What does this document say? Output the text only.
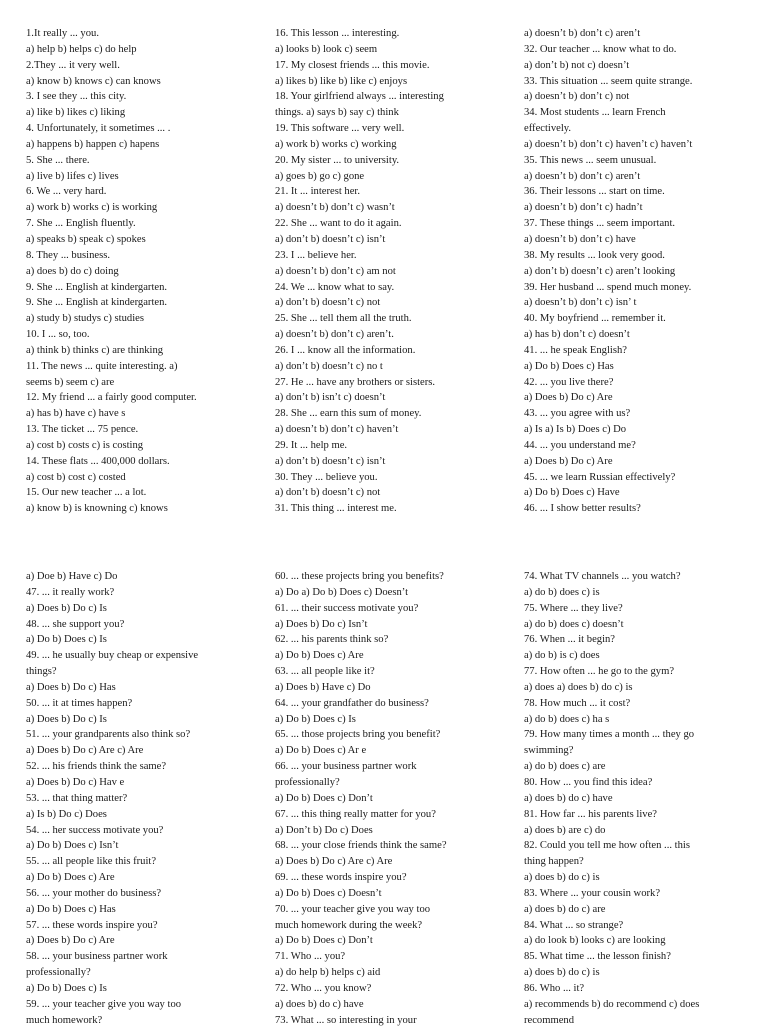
1.It really ... you.
a) help b) helps c) do help
2.They ... it very well.
a) know b) knows c) can knows
3. I see they ... this city.
a) like b) likes c) liking
4. Unfortunately, it sometimes ... .
a) happens b) happen c) hapens
5. She ... there.
a) live b) lifes c) lives
6. We ... very hard.
a) work b) works c) is working
7. She ... English fluently.
a) speaks b) speak c) spokes
8. They ... business.
a) does b) do c) doing
9. She ... English at kindergarten.
9. She ... English at kindergarten.
a) study b) studys c) studies
10. I ... so, too.
a) think b) thinks c) are thinking
11. The news ... quite interesting. a)
seems b) seem c) are
12. My friend ... a fairly good computer.
a) has b) have c) have s
13. The ticket ... 75 pence.
a) cost b) costs c) is costing
14. These flats ... 400,000 dollars.
a) cost b) cost c) costed
15. Our new teacher ... a lot.
a) know b) is knowning c) knows
16. This lesson ... interesting.
a) looks b) look c) seem
17. My closest friends ... this movie.
a) likes b) like b) like c) enjoys
18. Your girlfriend always ... interesting
things. a) says b) say c) think
19. This software ... very well.
a) work b) works c) working
20. My sister ... to university.
a) goes b) go c) gone
21. It ... interest her.
a) doesn’t b) don’t c) wasn’t
22. She ... want to do it again.
a) don’t b) doesn’t c) isn’t
23. I ... believe her.
a) doesn’t b) don’t c) am not
24. We ... know what to say.
a) don’t b) doesn’t c) not
25. She ... tell them all the truth.
a) doesn’t b) don’t c) aren’t.
26. I ... know all the information.
a) don’t b) doesn’t c) no t
27. He ... have any brothers or sisters.
a) don’t b) isn’t c) doesn’t
28. She ... earn this sum of money.
a) doesn’t b) don’t c) haven’t
29. It ... help me.
a) don’t b) doesn’t c) isn’t
30. They ... believe you.
a) don’t b) doesn’t c) not
31. This thing ... interest me.
a) doesn’t b) don’t c) aren’t
32. Our teacher ... know what to do.
a) don’t b) not c) doesn’t
33. This situation ... seem quite strange.
a) doesn’t b) don’t c) not
34. Most students ... learn French
effectively.
a) doesn’t b) don’t c) haven’t c) haven’t
35. This news ... seem unusual.
a) doesn’t b) don’t c) aren’t
36. Their lessons ... start on time.
a) doesn’t b) don’t c) hadn’t
37. These things ... seem important.
a) doesn’t b) don’t c) have
38. My results ... look very good.
a) don’t b) doesn’t c) aren’t looking
39. Her husband ... spend much money.
a) doesn’t b) don’t c) isn’ t
40. My boyfriend ... remember it.
a) has b) don’t c) doesn’t
41. ... he speak English?
a) Do b) Does c) Has
42. ... you live there?
a) Does b) Do c) Are
43. ... you agree with us?
a) Is a) Is b) Does c) Do
44. ... you understand me?
a) Does b) Do c) Are
45. ... we learn Russian effectively?
a) Do b) Does c) Have
46. ... I show better results?
a) Doe b) Have c) Do
47. ... it really work?
a) Does b) Do c) Is
48. ... she support you?
a) Do b) Does c) Is
49. ... he usually buy cheap or expensive
things?
a) Does b) Do c) Has
50. ... it at times happen?
a) Does b) Do c) Is
51. ... your grandparents also think so?
a) Does b) Do c) Are c) Are
52. ... his friends think the same?
a) Does b) Do c) Hav e
53. ... that thing matter?
a) Is b) Do c) Does
54. ... her success motivate you?
a) Do b) Does c) Isn’t
55. ... all people like this fruit?
a) Do b) Does c) Are
56. ... your mother do business?
a) Do b) Does c) Has
57. ... these words inspire you?
a) Does b) Do c) Are
58. ... your business partner work
professionally?
a) Do b) Does c) Is
59. ... your teacher give you way too
much homework?
60. ... these projects bring you benefits?
a) Do a) Do b) Does c) Doesn’t
61. ... their success motivate you?
a) Does b) Do c) Isn’t
62. ... his parents think so?
a) Do b) Does c) Are
63. ... all people like it?
a) Does b) Have c) Do
64. ... your grandfather do business?
a) Do b) Does c) Is
65. ... those projects bring you benefit?
a) Do b) Does c) Ar e
66. ... your business partner work
professionally?
a) Do b) Does c) Don’t
67. ... this thing really matter for you?
a) Don’t b) Do c) Does
68. ... your close friends think the same?
a) Does b) Do c) Are c) Are
69. ... these words inspire you?
a) Do b) Does c) Doesn’t
70. ... your teacher give you way too
much homework during the week?
a) Do b) Does c) Don’t
71. Who ... you?
a) do help b) helps c) aid
72. Who ... you know?
a) does b) do c) have
73. What ... so interesting in your
74. What TV channels ... you watch?
a) do b) does c) is
75. Where ... they live?
a) do b) does c) doesn’t
76. When ... it begin?
a) do b) is c) does
77. How often ... he go to the gym?
a) does a) does b) do c) is
78. How much ... it cost?
a) do b) does c) ha s
79. How many times a month ... they go
swimming?
a) do b) does c) are
80. How ... you find this idea?
a) does b) do c) have
81. How far ... his parents live?
a) does b) are c) do
82. Could you tell me how often ... this
thing happen?
a) does b) do c) is
83. Where ... your cousin work?
a) does b) do c) are
84. What ... so strange?
a) do look b) looks c) are looking
85. What time ... the lesson finish?
a) does b) do c) is
86. Who ... it?
a) recommends b) do recommend c) does
recommend
